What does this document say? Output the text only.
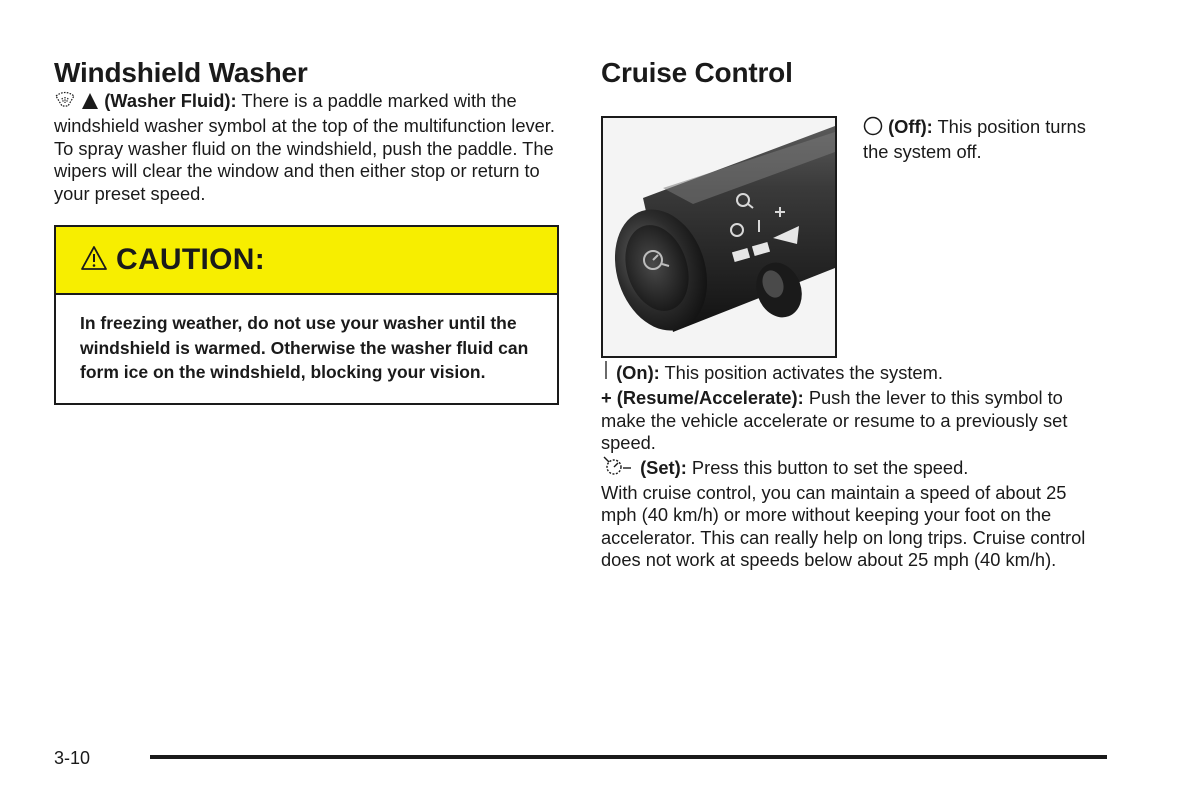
Windshield Washer

(Washer Fluid): There is a paddle marked with the windshield washer symbol at the top of the multifunction lever. To spray washer fluid on the windshield, push the paddle. The wipers will clear the window and then either stop or return to your preset speed.

CAUTION:
In freezing weather, do not use your washer until the windshield is warmed. Otherwise the washer fluid can form ice on the windshield, blocking your vision.
Cruise Control

(Off): This position turns the system off.

(On): This position activates the system.

+ (Resume/Accelerate): Push the lever to this symbol to make the vehicle accelerate or resume to a previously set speed.

(Set): Press this button to set the speed.

With cruise control, you can maintain a speed of about 25 mph (40 km/h) or more without keeping your foot on the accelerator. This can really help on long trips. Cruise control does not work at speeds below about 25 mph (40 km/h).

3-10
